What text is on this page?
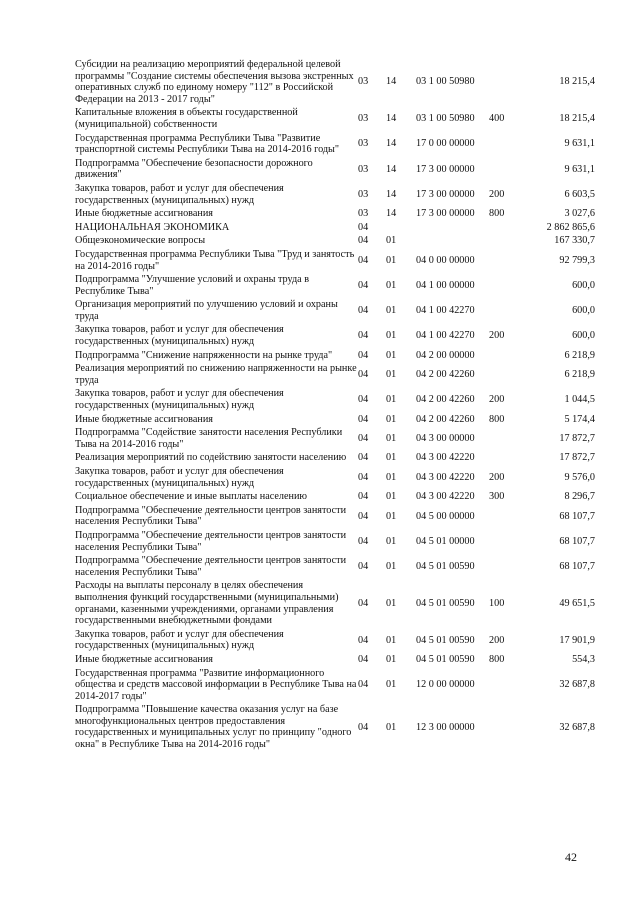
Субсидии на реализацию мероприятий федеральной целевой программы "Создание системы обеспечения вызова экстренных оперативных служб по единому номеру "112" в Российской Федерации на 2013 - 2017 годы"	03	14	03 1 00 50980		18 215,4
Капитальные вложения в объекты государственной (муниципальной) собственности	03	14	03 1 00 50980	400	18 215,4
Государственная программа Республики Тыва "Развитие транспортной системы Республики Тыва на 2014-2016 годы"	03	14	17 0 00 00000		9 631,1
Подпрограмма "Обеспечение безопасности дорожного движения"	03	14	17 3 00 00000		9 631,1
Закупка товаров, работ и услуг для обеспечения государственных (муниципальных) нужд	03	14	17 3 00 00000	200	6 603,5
Иные бюджетные ассигнования	03	14	17 3 00 00000	800	3 027,6
НАЦИОНАЛЬНАЯ ЭКОНОМИКА	04				2 862 865,6
Общеэкономические вопросы	04	01			167 330,7
Государственная программа Республики Тыва "Труд и занятость на 2014-2016 годы"	04	01	04 0 00 00000		92 799,3
Подпрограмма "Улучшение условий и охраны труда в Республике Тыва"	04	01	04 1 00 00000		600,0
Организация мероприятий по улучшению условий и охраны труда	04	01	04 1 00 42270		600,0
Закупка товаров, работ и услуг для обеспечения государственных (муниципальных) нужд	04	01	04 1 00 42270	200	600,0
Подпрограмма "Снижение напряженности на рынке труда"	04	01	04 2 00 00000		6 218,9
Реализация мероприятий по снижению напряженности на рынке труда	04	01	04 2 00 42260		6 218,9
Закупка товаров, работ и услуг для обеспечения государственных (муниципальных) нужд	04	01	04 2 00 42260	200	1 044,5
Иные бюджетные ассигнования	04	01	04 2 00 42260	800	5 174,4
Подпрограмма "Содействие занятости населения Республики Тыва на 2014-2016 годы"	04	01	04 3 00 00000		17 872,7
Реализация мероприятий по содействию занятости населению	04	01	04 3 00 42220		17 872,7
Закупка товаров, работ и услуг для обеспечения государственных (муниципальных) нужд	04	01	04 3 00 42220	200	9 576,0
Социальное обеспечение и иные выплаты населению	04	01	04 3 00 42220	300	8 296,7
Подпрограмма "Обеспечение деятельности центров занятости населения Республики Тыва"	04	01	04 5 00 00000		68 107,7
Подпрограмма "Обеспечение деятельности центров занятости населения Республики Тыва"	04	01	04 5 01 00000		68 107,7
Подпрограмма "Обеспечение деятельности центров занятости населения Республики Тыва"	04	01	04 5 01 00590		68 107,7
Расходы на выплаты персоналу в целях обеспечения выполнения функций государственными (муниципальными) органами, казенными учреждениями, органами управления государственными внебюджетными фондами	04	01	04 5 01 00590	100	49 651,5
Закупка товаров, работ и услуг для обеспечения государственных (муниципальных) нужд	04	01	04 5 01 00590	200	17 901,9
Иные бюджетные ассигнования	04	01	04 5 01 00590	800	554,3
Государственная программа "Развитие информационного общества и средств массовой информации в Республике Тыва на 2014-2017 годы"	04	01	12 0 00 00000		32 687,8
Подпрограмма "Повышение качества оказания услуг на базе многофункциональных центров предоставления государственных и муниципальных услуг по принципу "одного окна" в Республике Тыва на 2014-2016 годы"	04	01	12 3 00 00000		32 687,8
42
